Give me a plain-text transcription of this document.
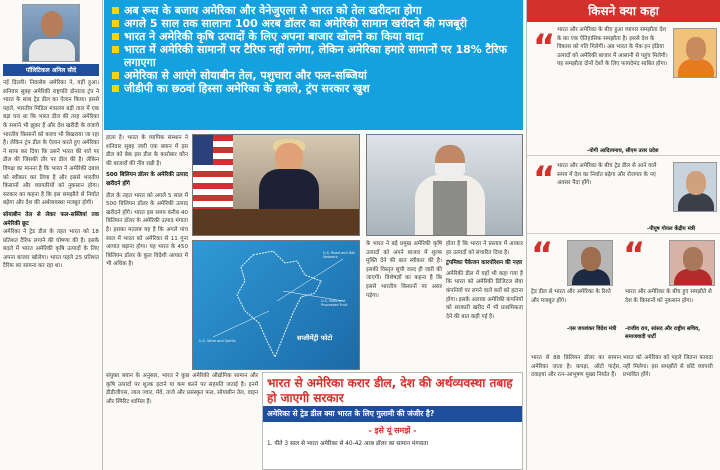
पॉलिटिकल अनिल सौदे
नई दिल्ली। निवासेब अमेरिका ने, यहीं हुआ। सनिवार सुबह अमेरिकी राष्ट्रपति डोनाल्ड ट्रंप ने भारत के साथ ट्रेड डील का ऐलान किया। इससे पहले, भारतीय मिडिल मंत्रालय बड़ी ताल में एक बड़ा घरा था कि भारत डील की तरह अमेरिका के समाने भी झुका है और देश खरीदी के वजाये भारतीय किसानों को कवच भी बिखराया जा रहा है। लेकिन ट्रंप डील के ऐलान करते हुए अमेरिका ने साफ कर दिया कि उसने भारत की शर्त पर डील की जिसकी तौर पर डील की है। लेकिन विपक्ष का मानना है कि भारत ने अमेरिकी दबाव को स्वीकार कर लिया है और इससे भारतीय किसानों और व्यापारियों को नुकसान होगा। सरकार का कहना है कि इस समझौते से निर्यात बढ़ेगा और देश की अर्थव्यवस्था मजबूत होगी।
सोयाबीन तेल से लेकर फल-सब्जियां तक अमेरिकी छूट
अमेरिका ने ट्रेड डील के तहत भारत को 18 प्रतिशत टैरिफ लगाने की घोषणा की है। इसके बदले में भारत अमेरिकी कृषि उत्पादों के लिए अपना बाजार खोलेगा। भारत पहले 25 प्रतिशत टैरिफ का सामना कर रहा था।
अब रूस के बजाय अमेरिका और वेनेजुएला से भारत को तेल खरीदना होगा
अगले 5 साल तक सालाना 100 अरब डॉलर का अमेरिकी सामान खरीदने की मजबूरी
भारत ने अमेरिकी कृषि उत्पादों के लिए अपना बाजार खोलने का किया वादा
भारत में अमेरिकी सामानों पर टैरिफ नहीं लगेगा, लेकिन अमेरिका हमारे सामानों पर 18% टैरिफ लगाएगा
अमेरिका से आएंगे सोयाबीन तेल, पशुचारा और फल-सब्जियां
जीडीपी का छठवां हिस्सा अमेरिका के हवाले, ट्रंप सरकार खुश
हाला है। भारत के व्यापिक संस्थान ने शनिवार सुबह जारी एक बयान में इस डील को बेक इस डील के कारोबार कौन की बाजारों की नींव रखी है।
500 बिलियन डॉलर के अमेरिकी उत्पाद खरीदने होंगे
डील के तहत भारत को अगले 5 साल में 500 बिलियन डॉलर के अमेरिकी उत्पाद खरीदने होंगे। भारत इस समय करीब 40 बिलियन डॉलर के अमेरिकी उत्पाद मंगाता है। इसका मतलब यह है कि अगले पांच साल में भारत को अमेरिका से 11 गुना आयात बढ़ाना होगा। यह भारत के 450 बिलियन डॉलर के कुल विदेशी आयात में भी अधिक है।
U.S. Road and Rail Network
U.S. Wine and Spirits
U.S. Nuts and Processed Fruit
सप्लीमेंट्री फोटो
के भारत ने बड़े प्रमुख अमेरिकी कृषि उत्पादों को अपने बाजार में शुल्क मुक्ति देने की बात स्वीकार की है। इसकी विस्तृत सूची जल्द ही जारी की जाएगी। विशेषज्ञों का कहना है कि इससे भारतीय किसानों पर असर पड़ेगा।
होता है कि भारत ने प्रस्ताव में आकार हर उत्पादों को संचारित दिया है।
ट्रंपमिका पैकेजन कारपोरेशन की नज़र
अमेरिकी डील में यहाँ भी कहा गया है कि भारत को अमेरिकी डिजिटल सेवा कंपनियों पर लगने वाले करों को हटाना होगा। इसके अलावा अमेरिकी कंपनियों को सरकारी खरीद में भी प्राथमिकता देने की बात कही गई है।
संयुक्त बयान के अनुसार, भारत ने कुछ अमेरिकी औद्योगिक सामान और कृषि उत्पादों पर शुल्क हटाने या कम करने पर सहमति जताई है। इनमें डीडीजीएस, लाल ज्वार, मेवे, ताजे और प्रसंस्कृत फल, सोयाबीन तेल, वाइन और स्पिरिट शामिल हैं।
भारत से अमेरिका करार डील, देश की अर्थव्यवस्था तबाह हो जाएगी सरकार
अमेरिका से ट्रेड डील क्या भारत के लिए गुलामी की जंजीर है?
- इसे यूं समझें -
1. पीते 3 साल से भारत अमेरिका से 40-42 अरब डॉलर का सामान मंगवाता
किसने क्या कहा
“ भारत और अमेरिका के बीच हुआ व्यापार समझौता देश के का एक ऐतिहासिक समझौता है। इससे देश के विकास को गति मिलेगी। अब भारत के मेक इन इंडिया उत्पादों को अमेरिकी बाजार में आसानी से पहुंच मिलेगी। यह समझौता दोनों देशों के लिए फायदेमंद साबित होगा।
-योगी आदित्यनाथ, सीएम उत्तर प्रदेश
“ भारत और अमेरिका के बीच ट्रेड डील से आने वाले समय में देश का निर्यात बढ़ेगा और रोजगार के नए अवसर पैदा होंगे।
-पीयूष गोयल केंद्रीय मंत्री
“
ट्रेड डील से भारत और अमेरिका के रिश्ते और मजबूत होंगे।
-एस जयशंकर विदेश मंत्री
“
भारत और अमेरिका के बीच हुए समझौते से देश के किसानों को नुकसान होगा।
-राजीव राय, सांसद और राष्ट्रीय सचिव, समाजवादी पार्टी
भारत से 88 बिलियन डॉलर का सामान अमेरिका जाता है। कपड़ा, ऑटो पार्ट्स, दवाइयां और रत्न-आभूषण मुख्य निर्यात हैं। भारत को अमेरिका को पहले जितना फायदा नहीं मिलेगा। इस समझौते से छोटे व्यापारी प्रभावित होंगे।
